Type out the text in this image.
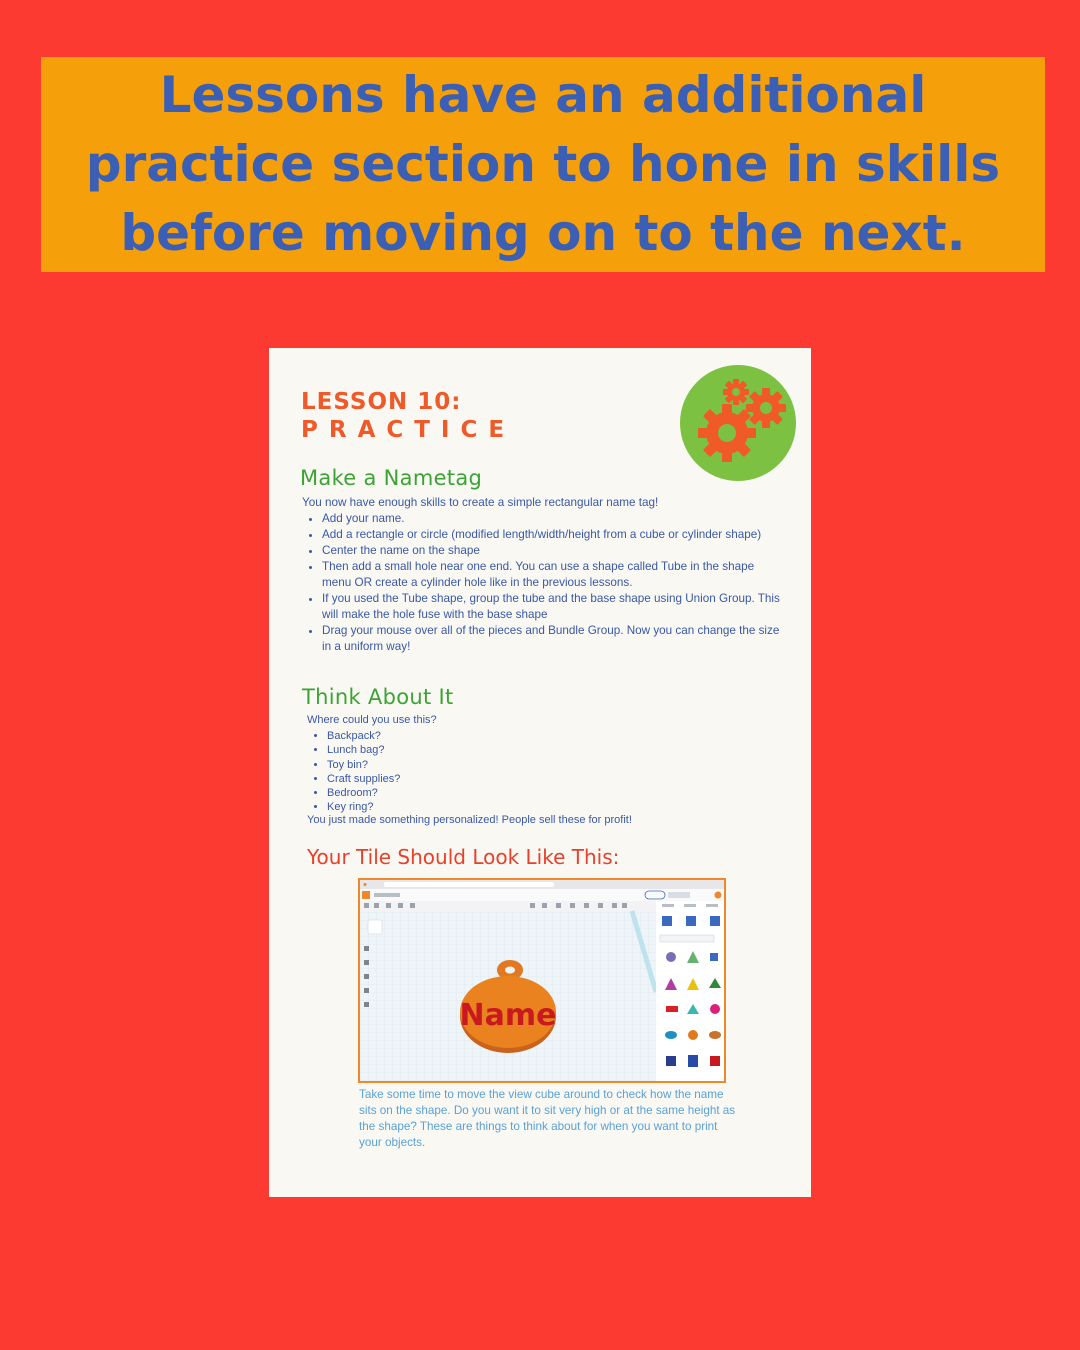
Lessons have an additional practice section to hone in skills before moving on to the next.

LESSON 10:
PRACTICE
Make a Nametag

You now have enough skills to create a simple rectangular name tag!

• Add your name.
• Add a rectangle or circle (modified length/width/height from a cube or cylinder shape)
• Center the name on the shape
• Then add a small hole near one end. You can use a shape called Tube in the shape menu OR create a cylinder hole like in the previous lessons.
• If you used the Tube shape, group the tube and the base shape using Union Group. This will make the hole fuse with the base shape
• Drag your mouse over all of the pieces and Bundle Group. Now you can change the size in a uniform way!
Think About It

Where could you use this?

• Backpack?
• Lunch bag?
• Toy bin?
• Craft supplies?
• Bedroom?
• Key ring?

You just made something personalized! People sell these for profit!

Your Tile Should Look Like This:
Name

Take some time to move the view cube around to check how the name sits on the shape. Do you want it to sit very high or at the same height as the shape? These are things to think about for when you want to print your objects.
